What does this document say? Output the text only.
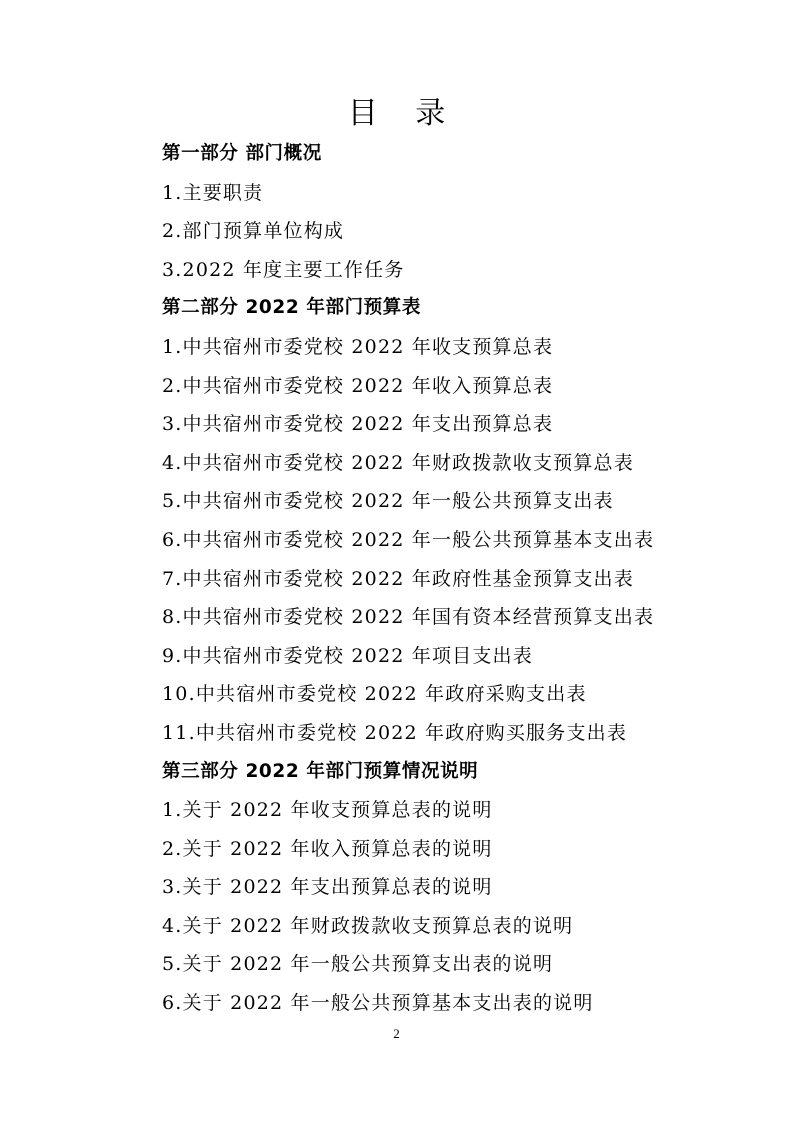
目 录
第一部分 部门概况
1.主要职责
2.部门预算单位构成
3.2022 年度主要工作任务
第二部分 2022 年部门预算表
1.中共宿州市委党校 2022 年收支预算总表
2.中共宿州市委党校 2022 年收入预算总表
3.中共宿州市委党校 2022 年支出预算总表
4.中共宿州市委党校 2022 年财政拨款收支预算总表
5.中共宿州市委党校 2022 年一般公共预算支出表
6.中共宿州市委党校 2022 年一般公共预算基本支出表
7.中共宿州市委党校 2022 年政府性基金预算支出表
8.中共宿州市委党校 2022 年国有资本经营预算支出表
9.中共宿州市委党校 2022 年项目支出表
10.中共宿州市委党校 2022 年政府采购支出表
11.中共宿州市委党校 2022 年政府购买服务支出表
第三部分 2022 年部门预算情况说明
1.关于 2022 年收支预算总表的说明
2.关于 2022 年收入预算总表的说明
3.关于 2022 年支出预算总表的说明
4.关于 2022 年财政拨款收支预算总表的说明
5.关于 2022 年一般公共预算支出表的说明
6.关于 2022 年一般公共预算基本支出表的说明
2
